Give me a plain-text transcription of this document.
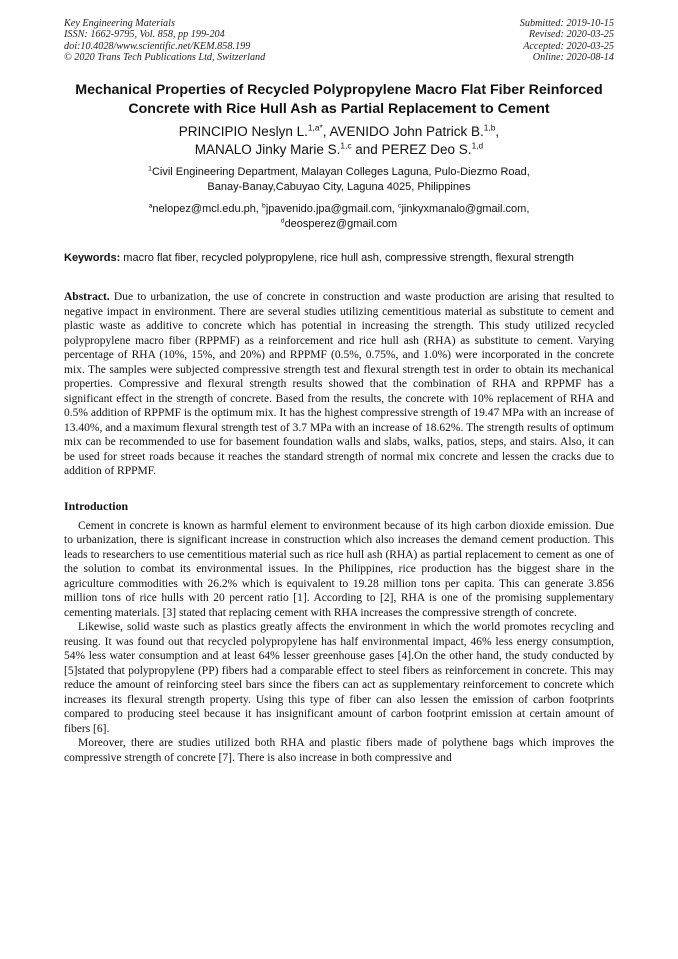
Key Engineering Materials
ISSN: 1662-9795, Vol. 858, pp 199-204
doi:10.4028/www.scientific.net/KEM.858.199
© 2020 Trans Tech Publications Ltd, Switzerland
Submitted: 2019-10-15
Revised: 2020-03-25
Accepted: 2020-03-25
Online: 2020-08-14
Mechanical Properties of Recycled Polypropylene Macro Flat Fiber Reinforced Concrete with Rice Hull Ash as Partial Replacement to Cement
PRINCIPIO Neslyn L.$^{1,a*}$, AVENIDO John Patrick B.$^{1,b}$,
MANALO Jinky Marie S.$^{1,c}$ and PEREZ Deo S.$^{1,d}$
$^1$Civil Engineering Department, Malayan Colleges Laguna, Pulo-Diezmo Road,
Banay-Banay,Cabuyao City, Laguna 4025, Philippines
$^a$nelopez@mcl.edu.ph, $^b$jpavenido.jpa@gmail.com, $^c$jinkyxmanalo@gmail.com,
$^d$deosperez@gmail.com
Keywords: macro flat fiber, recycled polypropylene, rice hull ash, compressive strength, flexural strength
Abstract. Due to urbanization, the use of concrete in construction and waste production are arising that resulted to negative impact in environment. There are several studies utilizing cementitious material as substitute to cement and plastic waste as additive to concrete which has potential in increasing the strength. This study utilized recycled polypropylene macro fiber (RPPMF) as a reinforcement and rice hull ash (RHA) as substitute to cement. Varying percentage of RHA (10%, 15%, and 20%) and RPPMF (0.5%, 0.75%, and 1.0%) were incorporated in the concrete mix. The samples were subjected compressive strength test and flexural strength test in order to obtain its mechanical properties. Compressive and flexural strength results showed that the combination of RHA and RPPMF has a significant effect in the strength of concrete. Based from the results, the concrete with 10% replacement of RHA and 0.5% addition of RPPMF is the optimum mix. It has the highest compressive strength of 19.47 MPa with an increase of 13.40%, and a maximum flexural strength test of 3.7 MPa with an increase of 18.62%. The strength results of optimum mix can be recommended to use for basement foundation walls and slabs, walks, patios, steps, and stairs. Also, it can be used for street roads because it reaches the standard strength of normal mix concrete and lessen the cracks due to addition of RPPMF.
Introduction
Cement in concrete is known as harmful element to environment because of its high carbon dioxide emission. Due to urbanization, there is significant increase in construction which also increases the demand cement production. This leads to researchers to use cementitious material such as rice hull ash (RHA) as partial replacement to cement as one of the solution to combat its environmental issues. In the Philippines, rice production has the biggest share in the agriculture commodities with 26.2% which is equivalent to 19.28 million tons per capita. This can generate 3.856 million tons of rice hulls with 20 percent ratio [1]. According to [2], RHA is one of the promising supplementary cementing materials. [3] stated that replacing cement with RHA increases the compressive strength of concrete.
Likewise, solid waste such as plastics greatly affects the environment in which the world promotes recycling and reusing. It was found out that recycled polypropylene has half environmental impact, 46% less energy consumption, 54% less water consumption and at least 64% lesser greenhouse gases [4].On the other hand, the study conducted by [5]stated that polypropylene (PP) fibers had a comparable effect to steel fibers as reinforcement in concrete. This may reduce the amount of reinforcing steel bars since the fibers can act as supplementary reinforcement to concrete which increases its flexural strength property. Using this type of fiber can also lessen the emission of carbon footprints compared to producing steel because it has insignificant amount of carbon footprint emission at certain amount of fibers [6].
Moreover, there are studies utilized both RHA and plastic fibers made of polythene bags which improves the compressive strength of concrete [7]. There is also increase in both compressive and
